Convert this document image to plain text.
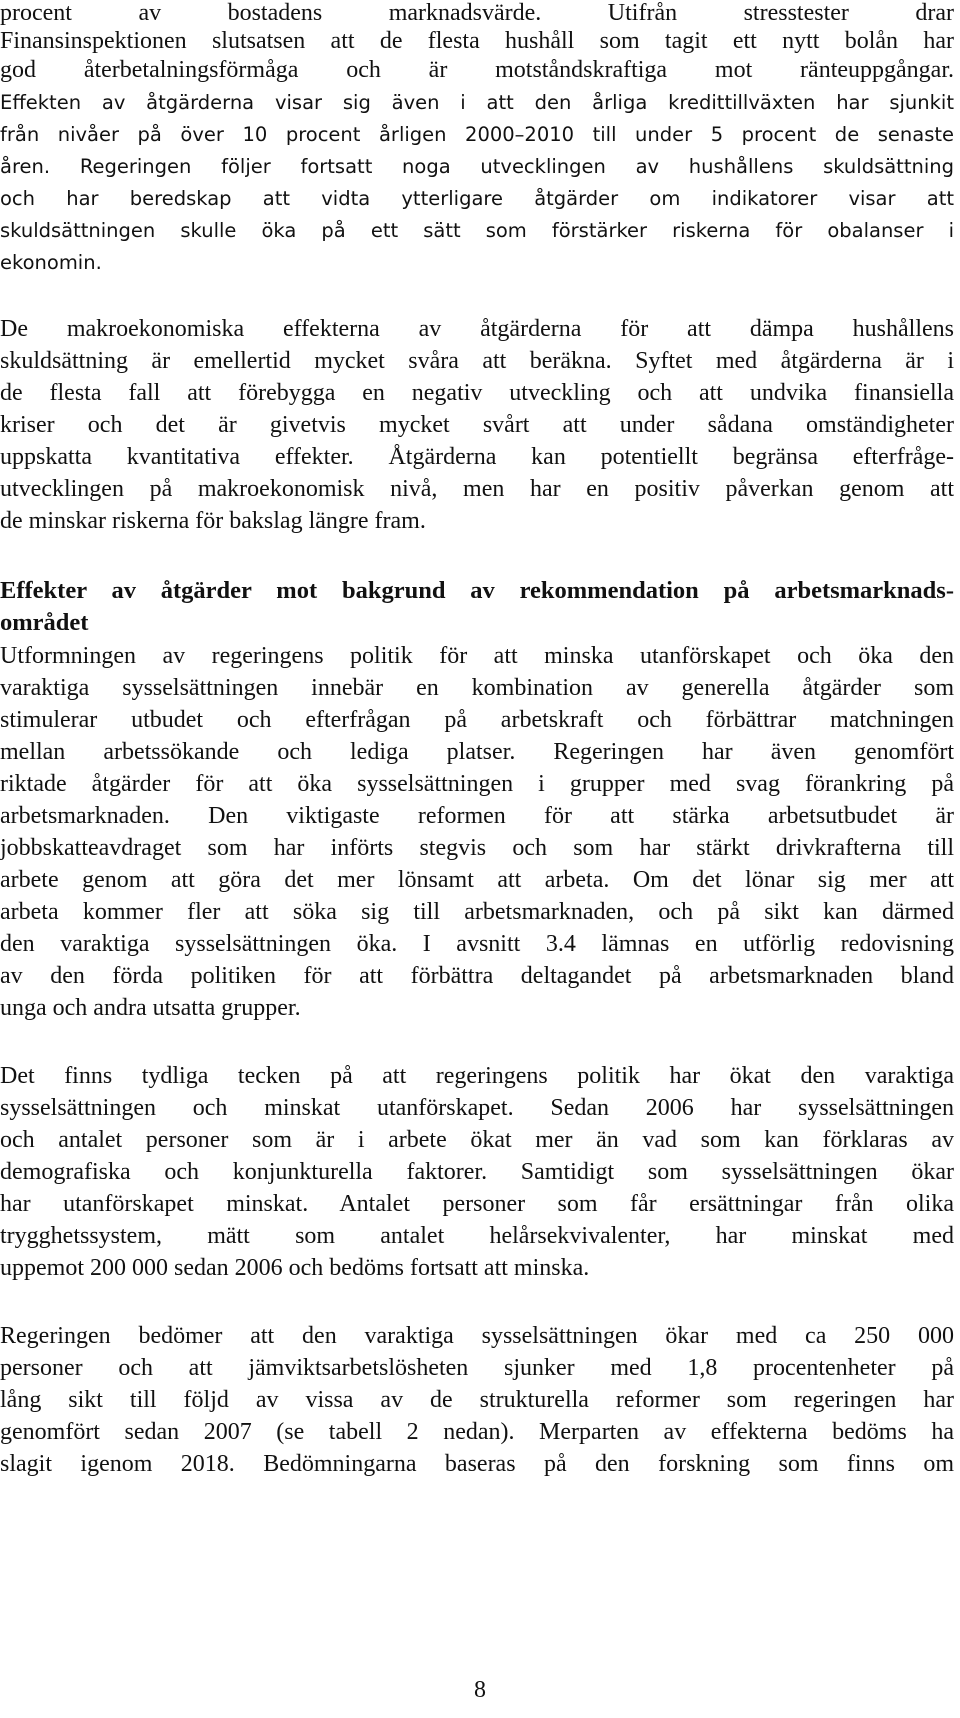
procent av bostadens marknadsvärde. Utifrån stresstester drar
Finansinspektionen slutsatsen att de flesta hushåll som tagit ett nytt bolån har
god återbetalningsförmåga och är motståndskraftiga mot ränteuppgångar.
Effekten av åtgärderna visar sig även i att den årliga kredittillväxten har sjunkit
från nivåer på över 10 procent årligen 2000–2010 till under 5 procent de senaste
åren. Regeringen följer fortsatt noga utvecklingen av hushållens skuldsättning
och har beredskap att vidta ytterligare åtgärder om indikatorer visar att
skuldsättningen skulle öka på ett sätt som förstärker riskerna för obalanser i
ekonomin.
De makroekonomiska effekterna av åtgärderna för att dämpa hushållens
skuldsättning är emellertid mycket svåra att beräkna. Syftet med åtgärderna är i
de flesta fall att förebygga en negativ utveckling och att undvika finansiella
kriser och det är givetvis mycket svårt att under sådana omständigheter
uppskatta kvantitativa effekter. Åtgärderna kan potentiellt begränsa efterfråge-
utvecklingen på makroekonomisk nivå, men har en positiv påverkan genom att
de minskar riskerna för bakslag längre fram.
Effekter av åtgärder mot bakgrund av rekommendation på arbetsmarknads-
området
Utformningen av regeringens politik för att minska utanförskapet och öka den
varaktiga sysselsättningen innebär en kombination av generella åtgärder som
stimulerar utbudet och efterfrågan på arbetskraft och förbättrar matchningen
mellan arbetssökande och lediga platser. Regeringen har även genomfört
riktade åtgärder för att öka sysselsättningen i grupper med svag förankring på
arbetsmarknaden. Den viktigaste reformen för att stärka arbetsutbudet är
jobbskatteavdraget som har införts stegvis och som har stärkt drivkrafterna till
arbete genom att göra det mer lönsamt att arbeta. Om det lönar sig mer att
arbeta kommer fler att söka sig till arbetsmarknaden, och på sikt kan därmed
den varaktiga sysselsättningen öka. I avsnitt 3.4 lämnas en utförlig redovisning
av den förda politiken för att förbättra deltagandet på arbetsmarknaden bland
unga och andra utsatta grupper.
Det finns tydliga tecken på att regeringens politik har ökat den varaktiga
sysselsättningen och minskat utanförskapet. Sedan 2006 har sysselsättningen
och antalet personer som är i arbete ökat mer än vad som kan förklaras av
demografiska och konjunkturella faktorer. Samtidigt som sysselsättningen ökar
har utanförskapet minskat. Antalet personer som får ersättningar från olika
trygghetssystem, mätt som antalet helårsekvivalenter, har minskat med
uppemot 200 000 sedan 2006 och bedöms fortsatt att minska.
Regeringen bedömer att den varaktiga sysselsättningen ökar med ca 250 000
personer och att jämviktsarbetslösheten sjunker med 1,8 procentenheter på
lång sikt till följd av vissa av de strukturella reformer som regeringen har
genomfört sedan 2007 (se tabell 2 nedan). Merparten av effekterna bedöms ha
slagit igenom 2018. Bedömningarna baseras på den forskning som finns om
8
